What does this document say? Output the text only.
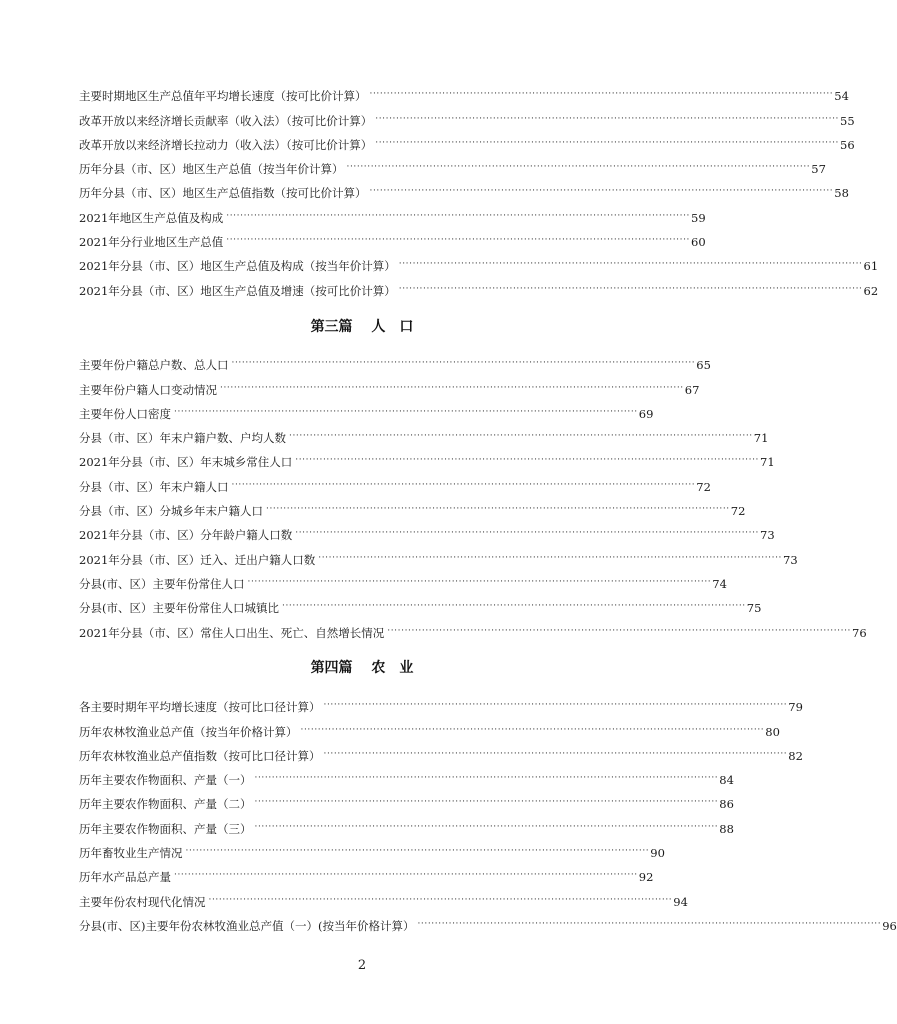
主要时期地区生产总值年平均增长速度（按可比价计算） ······································································································································ 54
改革开放以来经济增长贡献率（收入法）（按可比价计算） ······································································································································ 55
改革开放以来经济增长拉动力（收入法）（按可比价计算） ······································································································································ 56
历年分县（市、区）地区生产总值（按当年价计算） ······································································································································ 57
历年分县（市、区）地区生产总值指数（按可比价计算） ······································································································································ 58
2021年地区生产总值及构成 ······································································································································ 59
2021年分行业地区生产总值 ······································································································································ 60
2021年分县（市、区）地区生产总值及构成（按当年价计算） ······································································································································ 61
2021年分县（市、区）地区生产总值及增速（按可比价计算） ······································································································································ 62
第三篇　 人　口
主要年份户籍总户数、总人口 ······································································································································ 65
主要年份户籍人口变动情况 ······································································································································ 67
主要年份人口密度 ······································································································································ 69
分县（市、区）年末户籍户数、户均人数 ······································································································································ 71
2021年分县（市、区）年末城乡常住人口 ······································································································································ 71
分县（市、区）年末户籍人口 ······································································································································ 72
分县（市、区）分城乡年末户籍人口 ······································································································································ 72
2021年分县（市、区）分年龄户籍人口数 ······································································································································ 73
2021年分县（市、区）迁入、迁出户籍人口数 ······································································································································ 73
分县(市、区）主要年份常住人口 ······································································································································ 74
分县(市、区）主要年份常住人口城镇比 ······································································································································ 75
2021年分县（市、区）常住人口出生、死亡、自然增长情况 ······································································································································ 76
第四篇　 农　业
各主要时期年平均增长速度（按可比口径计算） ······································································································································ 79
历年农林牧渔业总产值（按当年价格计算） ······································································································································ 80
历年农林牧渔业总产值指数（按可比口径计算） ······································································································································ 82
历年主要农作物面积、产量（一） ······································································································································ 84
历年主要农作物面积、产量（二） ······································································································································ 86
历年主要农作物面积、产量（三） ······································································································································ 88
历年畜牧业生产情况 ······································································································································ 90
历年水产品总产量 ······································································································································ 92
主要年份农村现代化情况 ······································································································································ 94
分县(市、区)主要年份农林牧渔业总产值（一）(按当年价格计算） ······································································································································ 96
2
